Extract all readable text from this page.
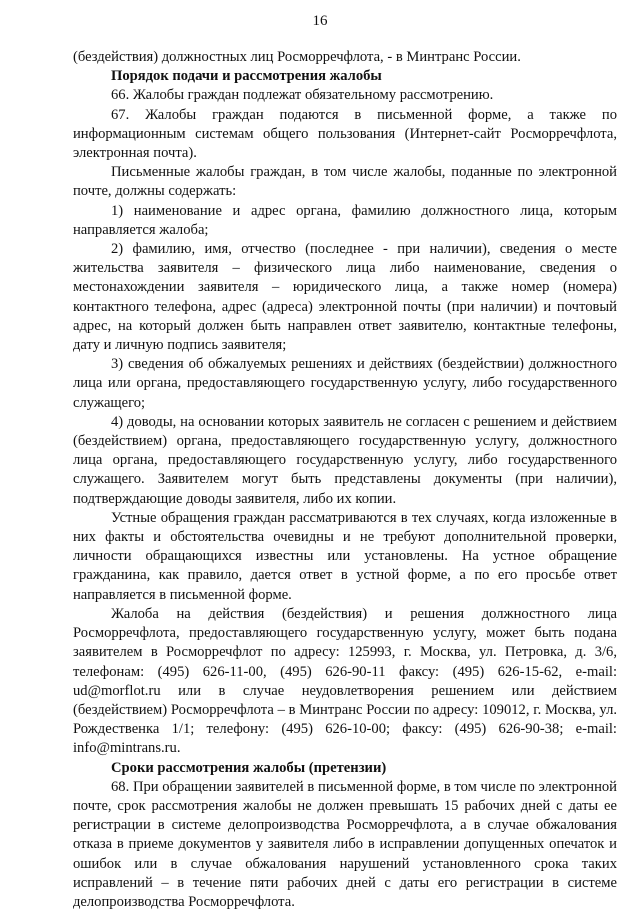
16

(бездействия) должностных лиц Росморречфлота, - в Минтранс России.

Порядок подачи и рассмотрения жалобы

66. Жалобы граждан подлежат обязательному рассмотрению.

67. Жалобы граждан подаются в письменной форме, а также по информационным системам общего пользования (Интернет-сайт Росморречфлота, электронная почта).

Письменные жалобы граждан, в том числе жалобы, поданные по электронной почте, должны содержать:

1) наименование и адрес органа, фамилию должностного лица, которым направляется жалоба;

2) фамилию, имя, отчество (последнее - при наличии), сведения о месте жительства заявителя – физического лица либо наименование, сведения о местонахождении заявителя – юридического лица, а также номер (номера) контактного телефона, адрес (адреса) электронной почты (при наличии) и почтовый адрес, на который должен быть направлен ответ заявителю, контактные телефоны, дату и личную подпись заявителя;

3) сведения об обжалуемых решениях и действиях (бездействии) должностного лица или органа, предоставляющего государственную услугу, либо государственного служащего;

4) доводы, на основании которых заявитель не согласен с решением и действием (бездействием) органа, предоставляющего государственную услугу, должностного лица органа, предоставляющего государственную услугу, либо государственного служащего. Заявителем могут быть представлены документы (при наличии), подтверждающие доводы заявителя, либо их копии.

Устные обращения граждан рассматриваются в тех случаях, когда изложенные в них факты и обстоятельства очевидны и не требуют дополнительной проверки, личности обращающихся известны или установлены. На устное обращение гражданина, как правило, дается ответ в устной форме, а по его просьбе ответ направляется в письменной форме.

Жалоба на действия (бездействия) и решения должностного лица Росморречфлота, предоставляющего государственную услугу, может быть подана заявителем в Росморречфлот по адресу: 125993, г. Москва, ул. Петровка, д. 3/6, телефонам: (495) 626-11-00, (495) 626-90-11 факсу: (495) 626-15-62, e-mail: ud@morflot.ru или в случае неудовлетворения решением или действием (бездействием) Росморречфлота – в Минтранс России по адресу: 109012, г. Москва, ул. Рождественка 1/1; телефону: (495) 626-10-00; факсу: (495) 626-90-38; e-mail: info@mintrans.ru.

Сроки рассмотрения жалобы (претензии)

68. При обращении заявителей в письменной форме, в том числе по электронной почте, срок рассмотрения жалобы не должен превышать 15 рабочих дней с даты ее регистрации в системе делопроизводства Росморречфлота, а в случае обжалования отказа в приеме документов у заявителя либо в исправлении допущенных опечаток и ошибок или в случае обжалования нарушений установленного срока таких исправлений – в течение пяти рабочих дней с даты его регистрации в системе делопроизводства Росморречфлота.
